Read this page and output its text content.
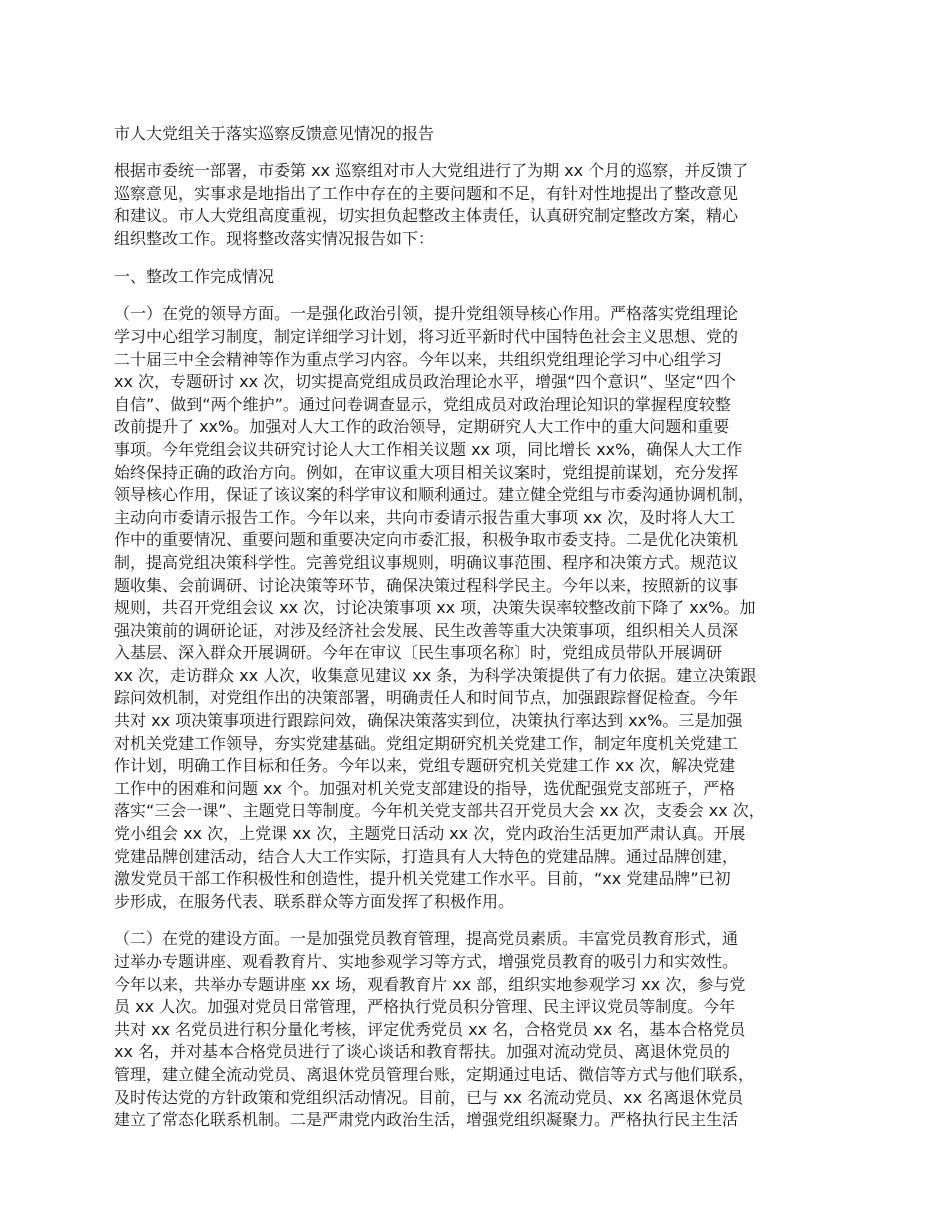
市人大党组关于落实巡察反馈意见情况的报告
根据市委统一部署，市委第 xx 巡察组对市人大党组进行了为期 xx 个月的巡察，并反馈了
巡察意见，实事求是地指出了工作中存在的主要问题和不足，有针对性地提出了整改意见
和建议。市人大党组高度重视，切实担负起整改主体责任，认真研究制定整改方案，精心
组织整改工作。现将整改落实情况报告如下：
一、整改工作完成情况
（一）在党的领导方面。一是强化政治引领，提升党组领导核心作用。严格落实党组理论
学习中心组学习制度，制定详细学习计划，将习近平新时代中国特色社会主义思想、党的
二十届三中全会精神等作为重点学习内容。今年以来，共组织党组理论学习中心组学习
xx 次，专题研讨 xx 次，切实提高党组成员政治理论水平，增强“四个意识”、坚定“四个
自信”、做到“两个维护”。通过问卷调查显示，党组成员对政治理论知识的掌握程度较整
改前提升了 xx%。加强对人大工作的政治领导，定期研究人大工作中的重大问题和重要
事项。今年党组会议共研究讨论人大工作相关议题 xx 项，同比增长 xx%，确保人大工作
始终保持正确的政治方向。例如，在审议重大项目相关议案时，党组提前谋划，充分发挥
领导核心作用，保证了该议案的科学审议和顺利通过。建立健全党组与市委沟通协调机制，
主动向市委请示报告工作。今年以来，共向市委请示报告重大事项 xx 次，及时将人大工
作中的重要情况、重要问题和重要决定向市委汇报，积极争取市委支持。二是优化决策机
制，提高党组决策科学性。完善党组议事规则，明确议事范围、程序和决策方式。规范议
题收集、会前调研、讨论决策等环节，确保决策过程科学民主。今年以来，按照新的议事
规则，共召开党组会议 xx 次，讨论决策事项 xx 项，决策失误率较整改前下降了 xx%。加
强决策前的调研论证，对涉及经济社会发展、民生改善等重大决策事项，组织相关人员深
入基层、深入群众开展调研。今年在审议〔民生事项名称〕时，党组成员带队开展调研
xx 次，走访群众 xx 人次，收集意见建议 xx 条，为科学决策提供了有力依据。建立决策跟
踪问效机制，对党组作出的决策部署，明确责任人和时间节点，加强跟踪督促检查。今年
共对 xx 项决策事项进行跟踪问效，确保决策落实到位，决策执行率达到 xx%。三是加强
对机关党建工作领导，夯实党建基础。党组定期研究机关党建工作，制定年度机关党建工
作计划，明确工作目标和任务。今年以来，党组专题研究机关党建工作 xx 次，解决党建
工作中的困难和问题 xx 个。加强对机关党支部建设的指导，选优配强党支部班子，严格
落实“三会一课”、主题党日等制度。今年机关党支部共召开党员大会 xx 次，支委会 xx 次，
党小组会 xx 次，上党课 xx 次，主题党日活动 xx 次，党内政治生活更加严肃认真。开展
党建品牌创建活动，结合人大工作实际，打造具有人大特色的党建品牌。通过品牌创建，
激发党员干部工作积极性和创造性，提升机关党建工作水平。目前，“xx 党建品牌”已初
步形成，在服务代表、联系群众等方面发挥了积极作用。
（二）在党的建设方面。一是加强党员教育管理，提高党员素质。丰富党员教育形式，通
过举办专题讲座、观看教育片、实地参观学习等方式，增强党员教育的吸引力和实效性。
今年以来，共举办专题讲座 xx 场，观看教育片 xx 部，组织实地参观学习 xx 次，参与党
员 xx 人次。加强对党员日常管理，严格执行党员积分管理、民主评议党员等制度。今年
共对 xx 名党员进行积分量化考核，评定优秀党员 xx 名，合格党员 xx 名，基本合格党员
xx 名，并对基本合格党员进行了谈心谈话和教育帮扶。加强对流动党员、离退休党员的
管理，建立健全流动党员、离退休党员管理台账，定期通过电话、微信等方式与他们联系，
及时传达党的方针政策和党组织活动情况。目前，已与 xx 名流动党员、xx 名离退休党员
建立了常态化联系机制。二是严肃党内政治生活，增强党组织凝聚力。严格执行民主生活
